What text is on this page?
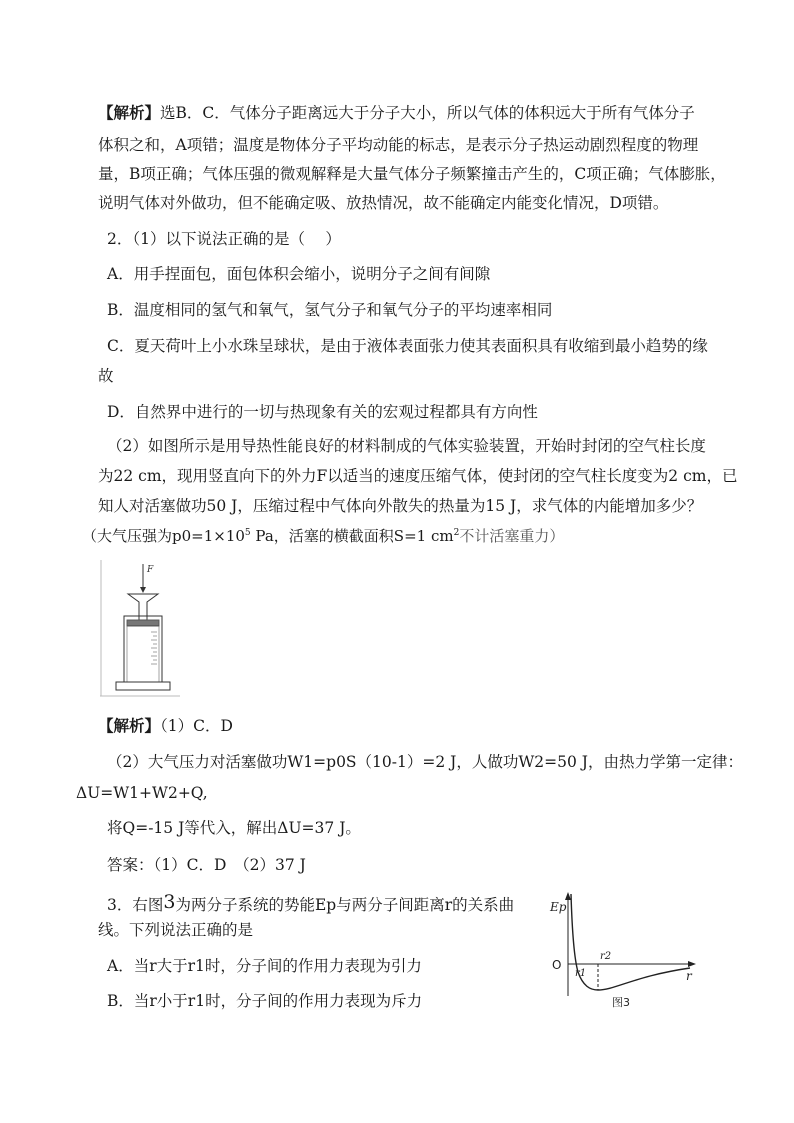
【解析】选B．C．气体分子距离远大于分子大小，所以气体的体积远大于所有气体分子
体积之和，A项错；温度是物体分子平均动能的标志，是表示分子热运动剧烈程度的物理
量，B项正确；气体压强的微观解释是大量气体分子频繁撞击产生的，C项正确；气体膨胀，
说明气体对外做功，但不能确定吸、放热情况，故不能确定内能变化情况，D项错。
2．（1）以下说法正确的是（　 ）
A．用手捏面包，面包体积会缩小，说明分子之间有间隙
B．温度相同的氢气和氧气，氢气分子和氧气分子的平均速率相同
C．夏天荷叶上小水珠呈球状，是由于液体表面张力使其表面积具有收缩到最小趋势的缘
故
D．自然界中进行的一切与热现象有关的宏观过程都具有方向性
（2）如图所示是用导热性能良好的材料制成的气体实验装置，开始时封闭的空气柱长度
为22 cm，现用竖直向下的外力F以适当的速度压缩气体，使封闭的空气柱长度变为2 cm，已
知人对活塞做功50 J，压缩过程中气体向外散失的热量为15 J，求气体的内能增加多少？
（大气压强为$p0=1\times 10^5$ Pa，活塞的横截面积S=1 $cm^2$不计活塞重力）
F
【解析】（1）C．D
（2）大气压力对活塞做功W1=p0S（10-1）=2 J，人做功W2=50 J，由热力学第一定律：
ΔU=W1+W2+Q,
将Q=-15 J等代入，解出ΔU=37 J。
答案：（1）C．D　（2）37 J
3．右图3为两分子系统的势能Ep与两分子间距离r的关系曲
线。下列说法正确的是
A．当r大于r1时，分子间的作用力表现为引力
B．当r小于r1时，分子间的作用力表现为斥力
Ep
r
O
r1
r2
图3
